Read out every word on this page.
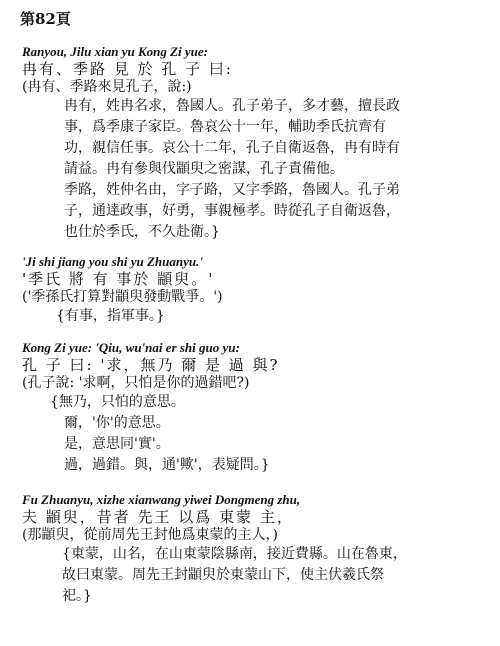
第82頁
Ranyou, Jilu xian yu Kong Zi yue:
冉有、季路 見 於 孔 子 曰:
(冉有、季路來見孔子，說:)
冉有，姓冉名求，魯國人。孔子弟子，多才藝，擅長政
事，爲季康子家臣。魯哀公十一年，輔助季氏抗齊有
功，親信任事。哀公十二年，孔子自衛返魯，冉有時有
請益。冉有參與伐顓臾之密謀，孔子責備他。
季路，姓仲名由，字子路，又字季路，魯國人。孔子弟
子，通達政事，好勇，事親極孝。時從孔子自衛返魯，
也仕於季氏，不久赴衛。}
'Ji shi jiang you shi yu Zhuanyu.'
'季氏 將 有 事於 顓臾。'
('季孫氏打算對顓臾發動戰爭。')
{有事，指軍事。}
Kong Zi yue: 'Qiu, wu'nai er shi guo yu:
孔 子 曰: '求，無乃 爾 是 過 與?
(孔子說: '求啊，只怕是你的過錯吧?)
{無乃，只怕的意思。
爾，'你'的意思。
是，意思同'實'。
過，過錯。與，通'歟'，表疑問。}
Fu Zhuanyu, xizhe xianwang yiwei Dongmeng zhu,
夫 顓臾，昔者 先王 以爲 東蒙 主，
(那顓臾，從前周先王封他爲東蒙的主人，)
{東蒙，山名，在山東蒙陰縣南，接近費縣。山在魯東，
故曰東蒙。周先王封顓臾於東蒙山下，使主伏羲氏祭
祀。}
